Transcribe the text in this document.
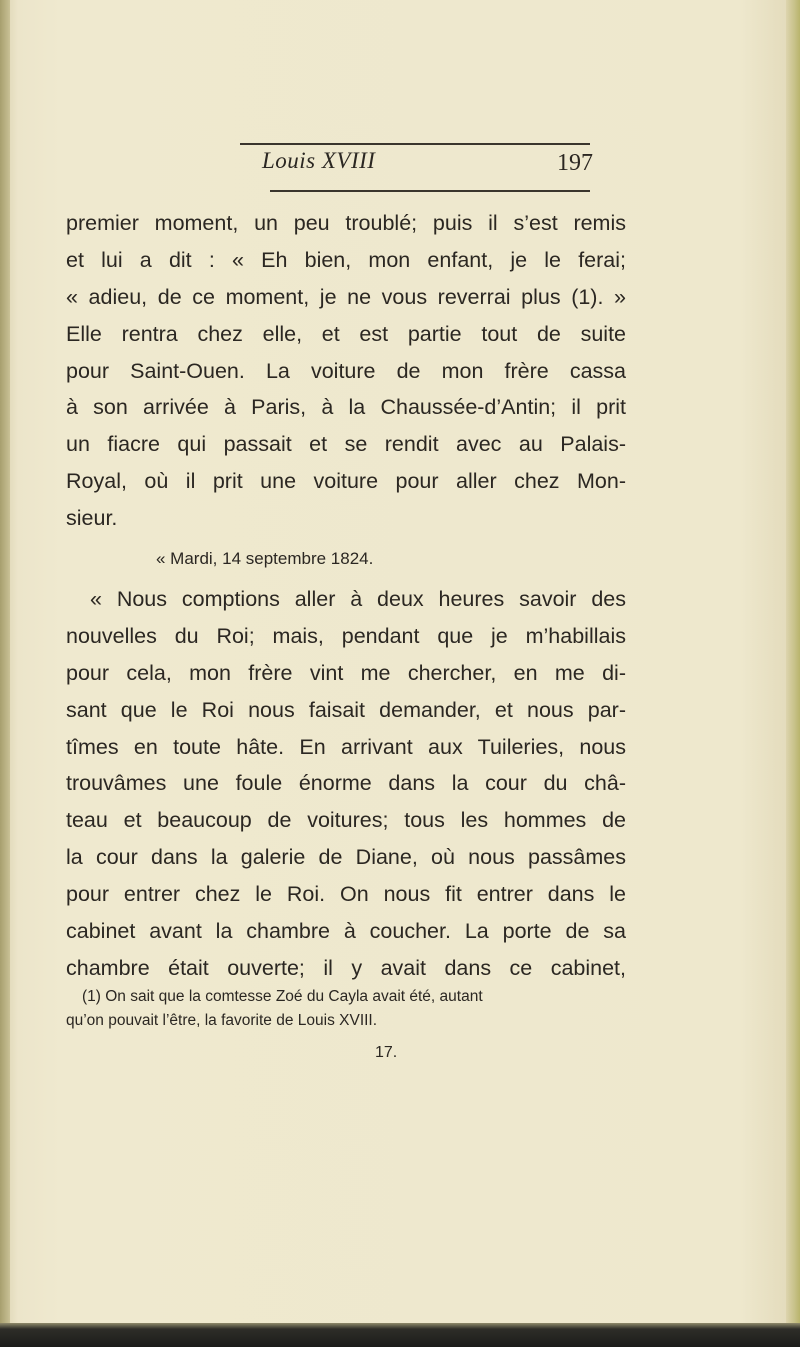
Louis XVIII	197
premier moment, un peu troublé; puis il s’est remis
et lui a dit : « Eh bien, mon enfant, je le ferai;
« adieu, de ce moment, je ne vous reverrai plus (1). »
Elle rentra chez elle, et est partie tout de suite
pour Saint-Ouen. La voiture de mon frère cassa
à son arrivée à Paris, à la Chaussée-d’Antin; il prit
un fiacre qui passait et se rendit avec au Palais-
Royal, où il prit une voiture pour aller chez Mon-
sieur.
« Mardi, 14 septembre 1824.
« Nous comptions aller à deux heures savoir des
nouvelles du Roi; mais, pendant que je m’habillais
pour cela, mon frère vint me chercher, en me di-
sant que le Roi nous faisait demander, et nous par-
tîmes en toute hâte. En arrivant aux Tuileries, nous
trouvâmes une foule énorme dans la cour du châ-
teau et beaucoup de voitures; tous les hommes de
la cour dans la galerie de Diane, où nous passâmes
pour entrer chez le Roi. On nous fit entrer dans le
cabinet avant la chambre à coucher. La porte de sa
chambre était ouverte; il y avait dans ce cabinet,
(1) On sait que la comtesse Zoé du Cayla avait été, autant
qu’on pouvait l’être, la favorite de Louis XVIII.
17.
